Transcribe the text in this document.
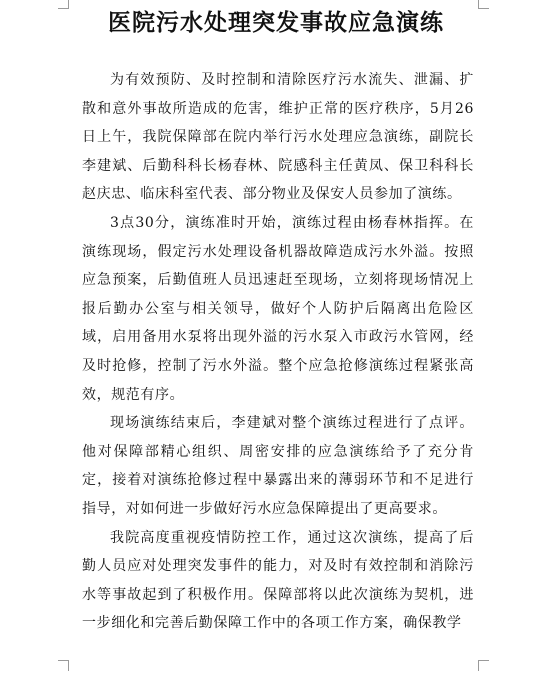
医院污水处理突发事故应急演练

为有效预防、及时控制和清除医疗污水流失、泄漏、扩散和意外事故所造成的危害，维护正常的医疗秩序，5月26日上午，我院保障部在院内举行污水处理应急演练，副院长李建斌、后勤科科长杨春林、院感科主任黄凤、保卫科科长赵庆忠、临床科室代表、部分物业及保安人员参加了演练。

3点30分，演练准时开始，演练过程由杨春林指挥。在演练现场，假定污水处理设备机器故障造成污水外溢。按照应急预案，后勤值班人员迅速赶至现场，立刻将现场情况上报后勤办公室与相关领导，做好个人防护后隔离出危险区域，启用备用水泵将出现外溢的污水泵入市政污水管网，经及时抢修，控制了污水外溢。整个应急抢修演练过程紧张高效，规范有序。

现场演练结束后，李建斌对整个演练过程进行了点评。他对保障部精心组织、周密安排的应急演练给予了充分肯定，接着对演练抢修过程中暴露出来的薄弱环节和不足进行指导，对如何进一步做好污水应急保障提出了更高要求。

我院高度重视疫情防控工作，通过这次演练，提高了后勤人员应对处理突发事件的能力，对及时有效控制和消除污水等事故起到了积极作用。保障部将以此次演练为契机，进一步细化和完善后勤保障工作中的各项工作方案，确保教学
